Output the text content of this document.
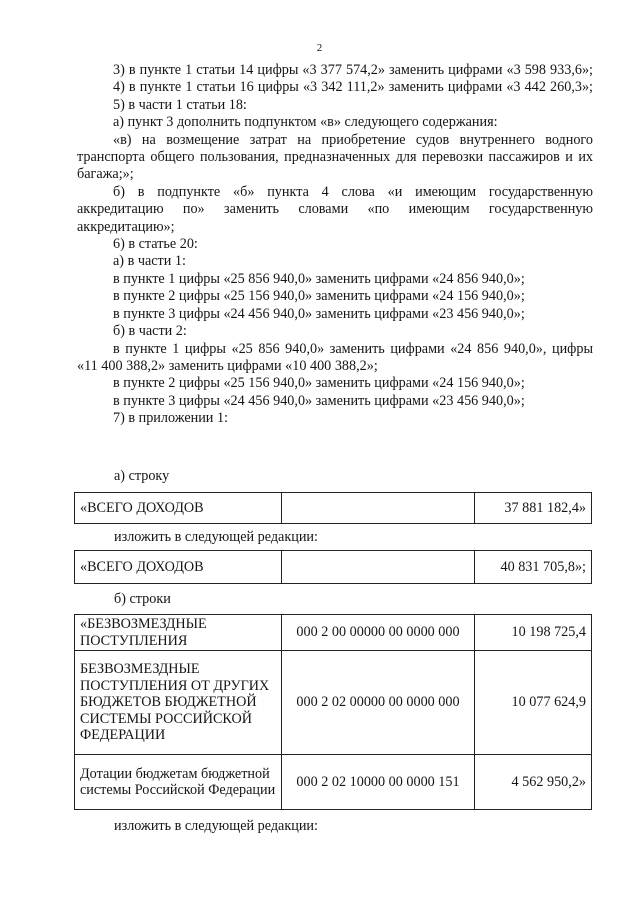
2

3) в пункте 1 статьи 14 цифры «3 377 574,2» заменить цифрами «3 598 933,6»;

4) в пункте 1 статьи 16 цифры «3 342 111,2» заменить цифрами «3 442 260,3»;

5) в части 1 статьи 18:

а) пункт 3 дополнить подпунктом «в» следующего содержания:

«в) на возмещение затрат на приобретение судов внутреннего водного транспорта общего пользования, предназначенных для перевозки пассажиров и их багажа;»;

б) в подпункте «б» пункта 4 слова «и имеющим государственную аккредитацию по» заменить словами «по имеющим государственную аккредитацию»;

6) в статье 20:

а) в части 1:

в пункте 1 цифры «25 856 940,0» заменить цифрами «24 856 940,0»;

в пункте 2 цифры «25 156 940,0» заменить цифрами «24 156 940,0»;

в пункте 3 цифры «24 456 940,0» заменить цифрами «23 456 940,0»;

б) в части 2:

в пункте 1 цифры «25 856 940,0» заменить цифрами «24 856 940,0», цифры «11 400 388,2» заменить цифрами «10 400 388,2»;

в пункте 2 цифры «25 156 940,0» заменить цифрами «24 156 940,0»;

в пункте 3 цифры «24 456 940,0» заменить цифрами «23 456 940,0»;

7) в приложении 1:

а) строку
«ВСЕГО ДОХОДОВ		37 881 182,4»
изложить в следующей редакции:
«ВСЕГО ДОХОДОВ		40 831 705,8»;
б) строки
«БЕЗВОЗМЕЗДНЫЕ ПОСТУПЛЕНИЯ	000 2 00 00000 00 0000 000	10 198 725,4
БЕЗВОЗМЕЗДНЫЕ ПОСТУПЛЕНИЯ ОТ ДРУГИХ БЮДЖЕТОВ БЮДЖЕТНОЙ СИСТЕМЫ РОССИЙСКОЙ ФЕДЕРАЦИИ	000 2 02 00000 00 0000 000	10 077 624,9
Дотации бюджетам бюджетной системы Российской Федерации	000 2 02 10000 00 0000 151	4 562 950,2»
изложить в следующей редакции:
